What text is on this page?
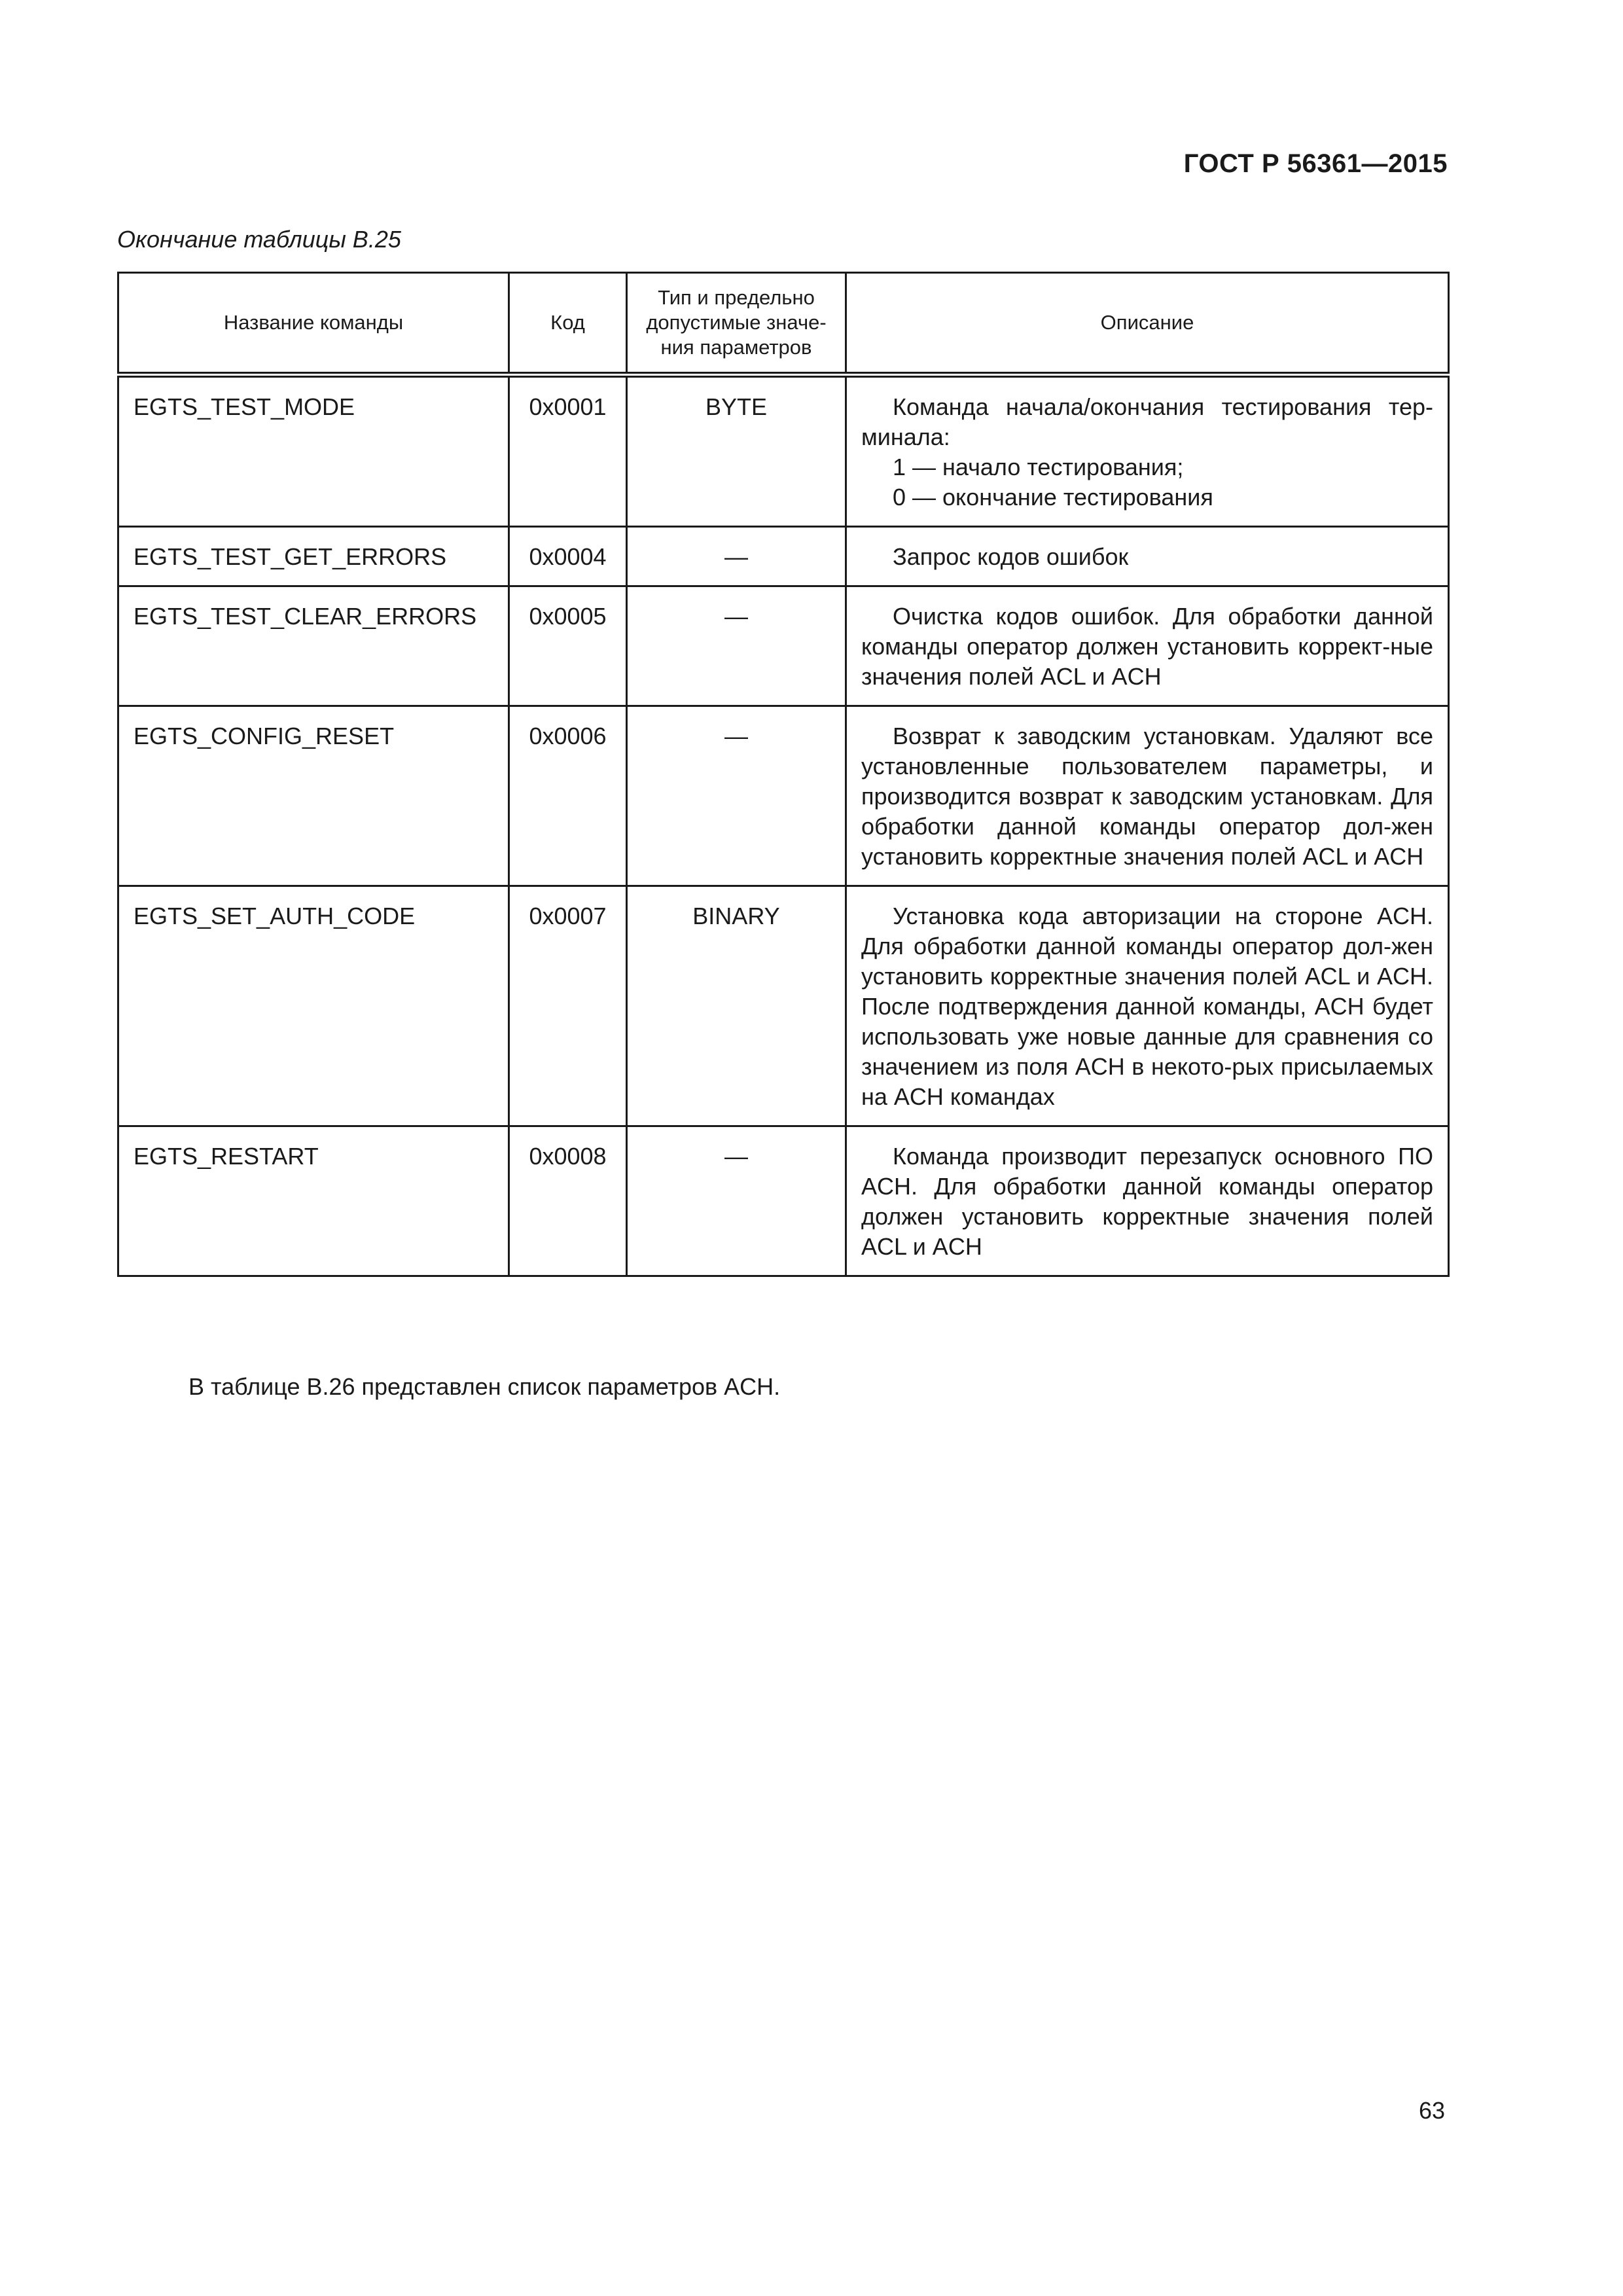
ГОСТ Р 56361—2015
Окончание таблицы В.25
Название команды	Код	Тип и предельно допустимые значе-ния параметров	Описание
EGTS_TEST_MODE	0x0001	BYTE	Команда начала/окончания тестирования тер-минала:

1 — начало тестирования;

0 — окончание тестирования

EGTS_TEST_GET_ERRORS	0x0004	—	Запрос кодов ошибок

EGTS_TEST_CLEAR_ERRORS	0x0005	—	Очистка кодов ошибок. Для обработки данной команды оператор должен установить коррект-ные значения полей ACL и ACH

EGTS_CONFIG_RESET	0x0006	—	Возврат к заводским установкам. Удаляют все установленные пользователем параметры, и производится возврат к заводским установкам. Для обработки данной команды оператор дол-жен установить корректные значения полей ACL и ACH

EGTS_SET_AUTH_CODE	0x0007	BINARY	Установка кода авторизации на стороне ACH. Для обработки данной команды оператор дол-жен установить корректные значения полей ACL и ACH. После подтверждения данной команды, ACH будет использовать уже новые данные для сравнения со значением из поля ACH в некото-рых присылаемых на ACH командах

EGTS_RESTART	0x0008	—	Команда производит перезапуск основного ПО ACH. Для обработки данной команды оператор должен установить корректные значения полей ACL и ACH

В таблице В.26 представлен список параметров ACH.
63
